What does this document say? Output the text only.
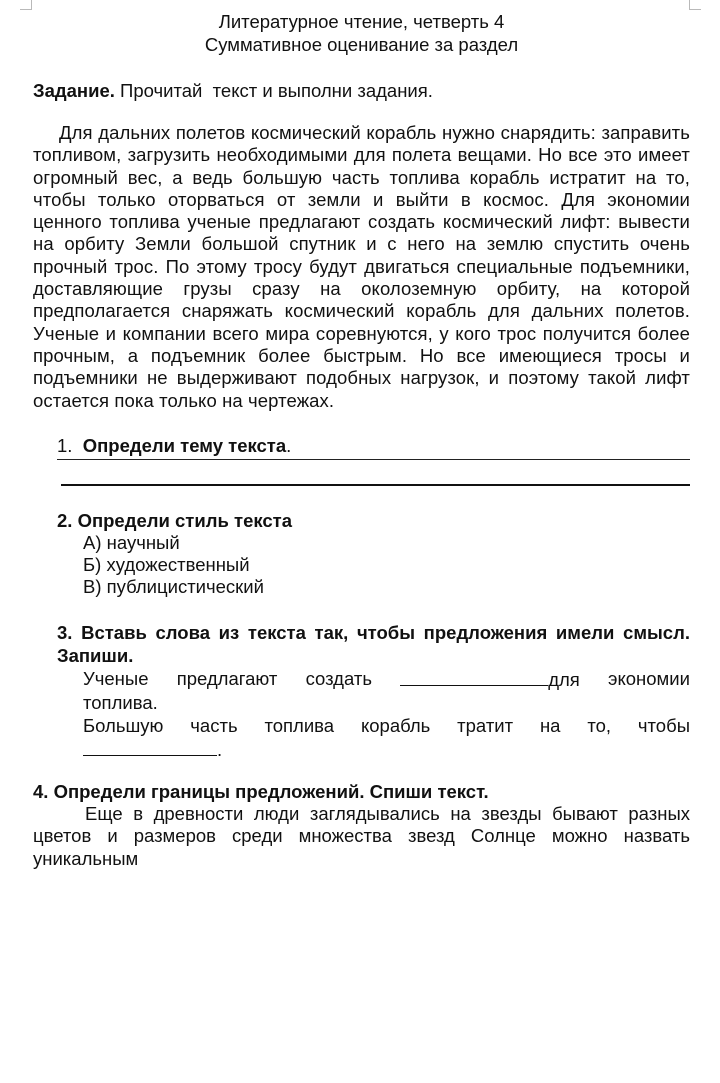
Литературное чтение, четверть 4
Суммативное оценивание за раздел
Задание. Прочитай  текст и выполни задания.
Для дальних полетов космический корабль нужно снарядить: заправить топливом, загрузить необходимыми для полета вещами. Но все это имеет огромный вес, а ведь большую часть топлива корабль истратит на то, чтобы только оторваться от земли и выйти в космос. Для экономии ценного топлива ученые предлагают создать космический лифт: вывести на орбиту Земли большой спутник и с него на землю спустить очень прочный трос. По этому тросу будут двигаться специальные подъемники, доставляющие грузы сразу на околоземную орбиту, на которой предполагается снаряжать космический корабль для дальних полетов. Ученые и компании всего мира соревнуются, у кого трос получится более прочным, а подъемник более быстрым. Но все имеющиеся тросы и подъемники не выдерживают подобных нагрузок, и поэтому такой лифт остается пока только на чертежах.
1. Определи тему текста.
2. Определи стиль текста
А) научный
Б) художественный
В) публицистический
3. Вставь слова из текста так, чтобы предложения имели смысл. Запиши.
Ученые предлагают создать	для экономии
топлива.
Большую часть топлива корабль тратит на то, чтобы
.
4. Определи границы предложений. Спиши текст.
Еще в древности люди заглядывались на звезды бывают разных цветов и размеров среди множества звезд Солнце можно назвать уникальным
